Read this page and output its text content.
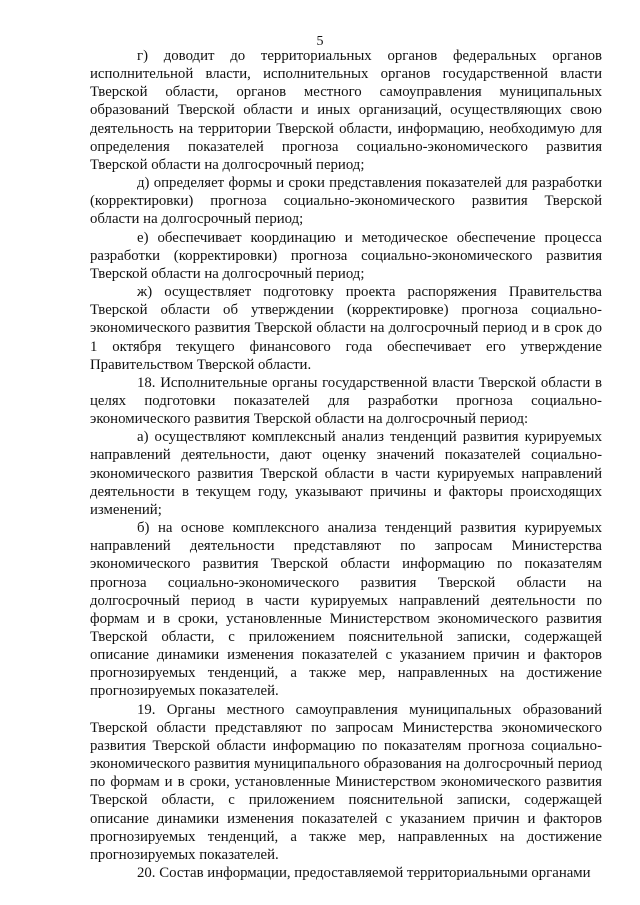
5

г) доводит до территориальных органов федеральных органов исполнительной власти, исполнительных органов государственной власти Тверской области, органов местного самоуправления муниципальных образований Тверской области и иных организаций, осуществляющих свою деятельность на территории Тверской области, информацию, необходимую для определения показателей прогноза социально-экономического развития Тверской области на долгосрочный период;

д) определяет формы и сроки представления показателей для разработки (корректировки) прогноза социально-экономического развития Тверской области на долгосрочный период;

е) обеспечивает координацию и методическое обеспечение процесса разработки (корректировки) прогноза социально-экономического развития Тверской области на долгосрочный период;

ж) осуществляет подготовку проекта распоряжения Правительства Тверской области об утверждении (корректировке) прогноза социально-экономического развития Тверской области на долгосрочный период и в срок до 1 октября текущего финансового года обеспечивает его утверждение Правительством Тверской области.

18. Исполнительные органы государственной власти Тверской области в целях подготовки показателей для разработки прогноза социально-экономического развития Тверской области на долгосрочный период:

а) осуществляют комплексный анализ тенденций развития курируемых направлений деятельности, дают оценку значений показателей социально-экономического развития Тверской области в части курируемых направлений деятельности в текущем году, указывают причины и факторы происходящих изменений;

б) на основе комплексного анализа тенденций развития курируемых направлений деятельности представляют по запросам Министерства экономического развития Тверской области информацию по показателям прогноза социально-экономического развития Тверской области на долгосрочный период в части курируемых направлений деятельности по формам и в сроки, установленные Министерством экономического развития Тверской области, с приложением пояснительной записки, содержащей описание динамики изменения показателей с указанием причин и факторов прогнозируемых тенденций, а также мер, направленных на достижение прогнозируемых показателей.

19. Органы местного самоуправления муниципальных образований Тверской области представляют по запросам Министерства экономического развития Тверской области информацию по показателям прогноза социально-экономического развития муниципального образования на долгосрочный период по формам и в сроки, установленные Министерством экономического развития Тверской области, с приложением пояснительной записки, содержащей описание динамики изменения показателей с указанием причин и факторов прогнозируемых тенденций, а также мер, направленных на достижение прогнозируемых показателей.

20. Состав информации, предоставляемой территориальными органами
